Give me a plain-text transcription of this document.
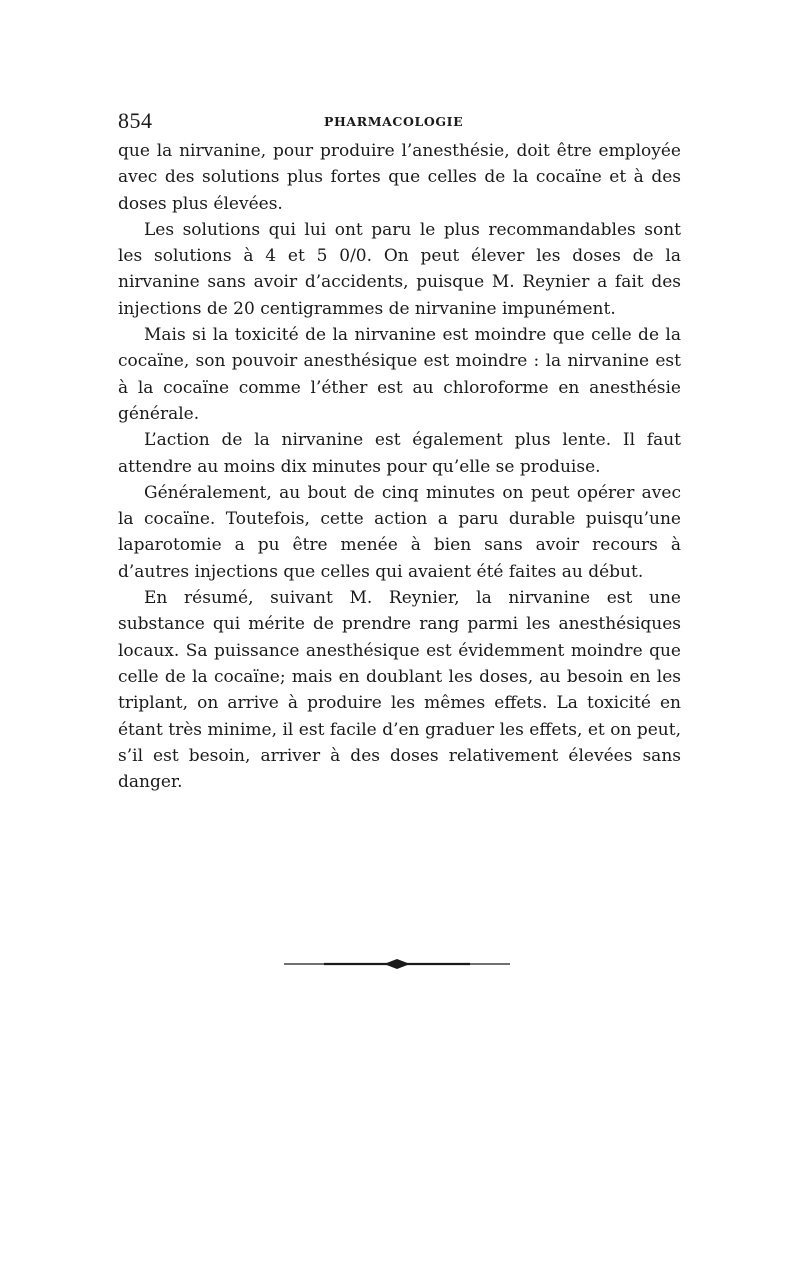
854	PHARMACOLOGIE

que la nirvanine, pour produire l’anesthésie, doit être employée avec des solutions plus fortes que celles de la cocaïne et à des doses plus élevées.

Les solutions qui lui ont paru le plus recommandables sont les solutions à 4 et 5 0/0. On peut élever les doses de la nirvanine sans avoir d’accidents, puisque M. Reynier a fait des injections de 20 centigrammes de nirvanine impunément.

Mais si la toxicité de la nirvanine est moindre que celle de la cocaïne, son pouvoir anesthésique est moindre : la nirvanine est à la cocaïne comme l’éther est au chloroforme en anesthésie générale.

L’action de la nirvanine est également plus lente. Il faut attendre au moins dix minutes pour qu’elle se produise.

Généralement, au bout de cinq minutes on peut opérer avec la cocaïne. Toutefois, cette action a paru durable puisqu’une laparotomie a pu être menée à bien sans avoir recours à d’autres injections que celles qui avaient été faites au début.

En résumé, suivant M. Reynier, la nirvanine est une substance qui mérite de prendre rang parmi les anesthésiques locaux. Sa puissance anesthésique est évidemment moindre que celle de la cocaïne; mais en doublant les doses, au besoin en les triplant, on arrive à produire les mêmes effets. La toxicité en étant très minime, il est facile d’en graduer les effets, et on peut, s’il est besoin, arriver à des doses relativement élevées sans danger.
